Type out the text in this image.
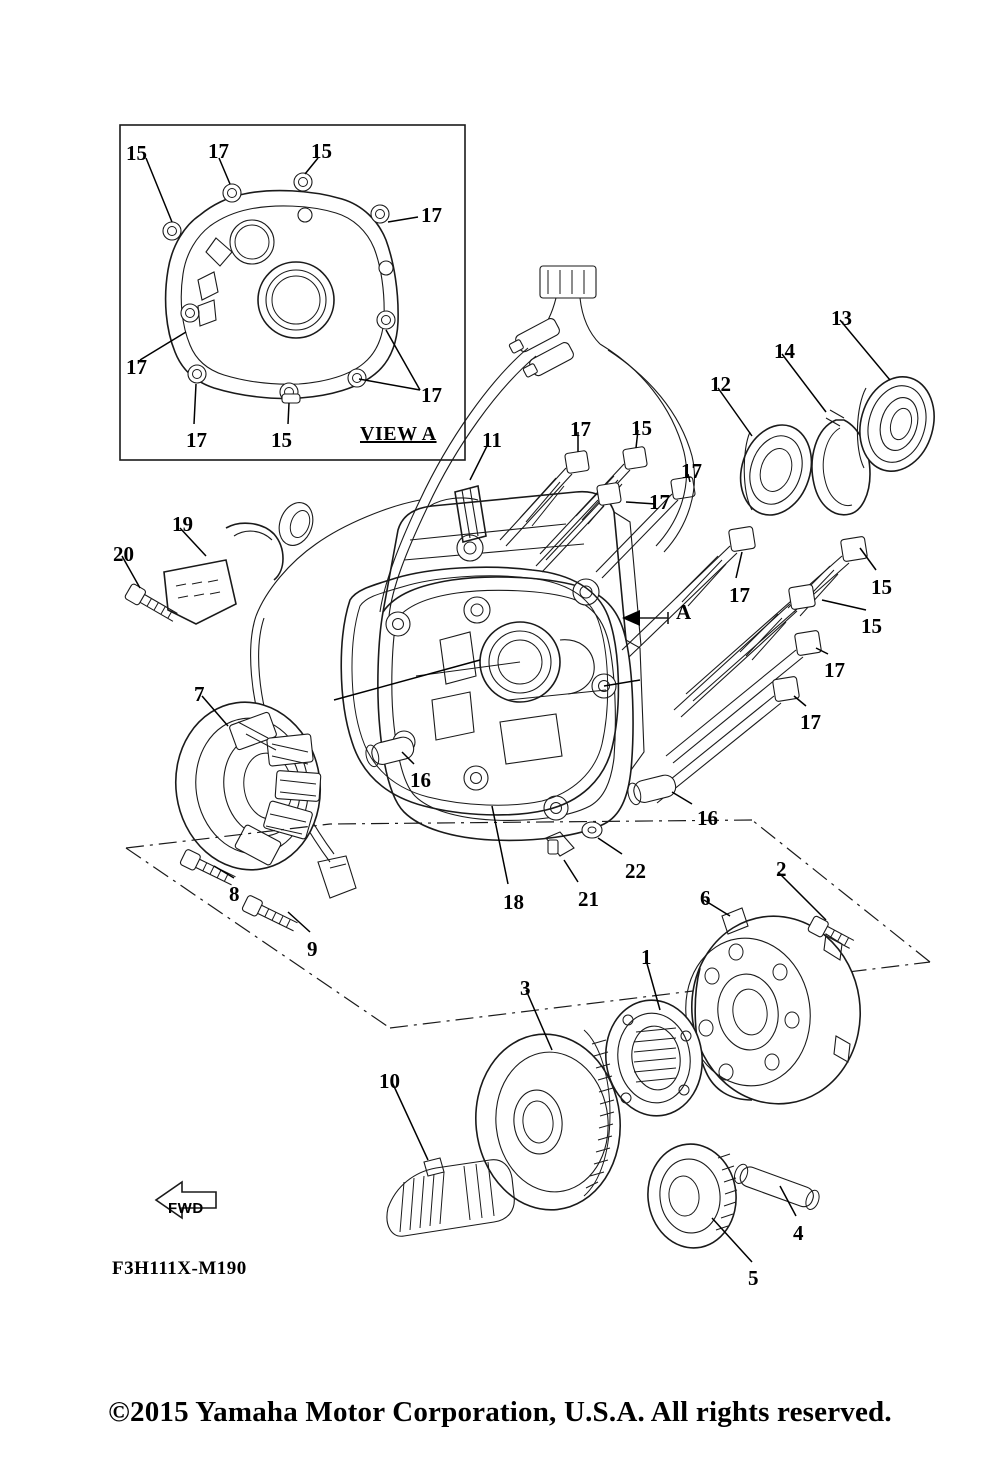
15	17	15
17
17
17	15
17
VIEW A
13
14
12
11	17 15
17
17
17	15
15
17
17
19
20
7
16
16
22
21
18
8
9
2
6
1
3
10
4
5
A
FWD
F3H111X-M190
©2015 Yamaha Motor Corporation, U.S.A. All rights reserved.
